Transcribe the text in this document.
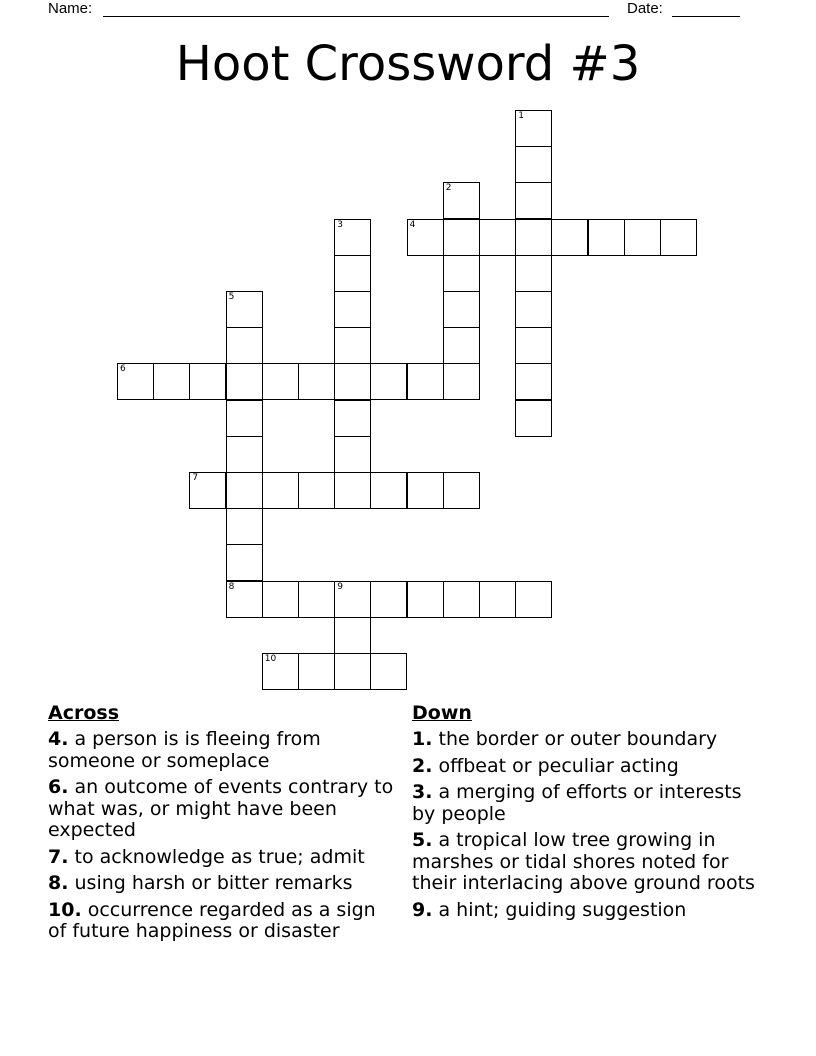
Name:	Date:
Hoot Crossword #3
1
2
3	4
5
8
6
7
9
10
Across
4. a person is is fleeing from someone or someplace
6. an outcome of events contrary to what was, or might have been expected
7. to acknowledge as true; admit
8. using harsh or bitter remarks
10. occurrence regarded as a sign of future happiness or disaster
Down
1. the border or outer boundary
2. offbeat or peculiar acting
3. a merging of efforts or interests by people
5. a tropical low tree growing in marshes or tidal shores noted for their interlacing above ground roots
9. a hint; guiding suggestion
